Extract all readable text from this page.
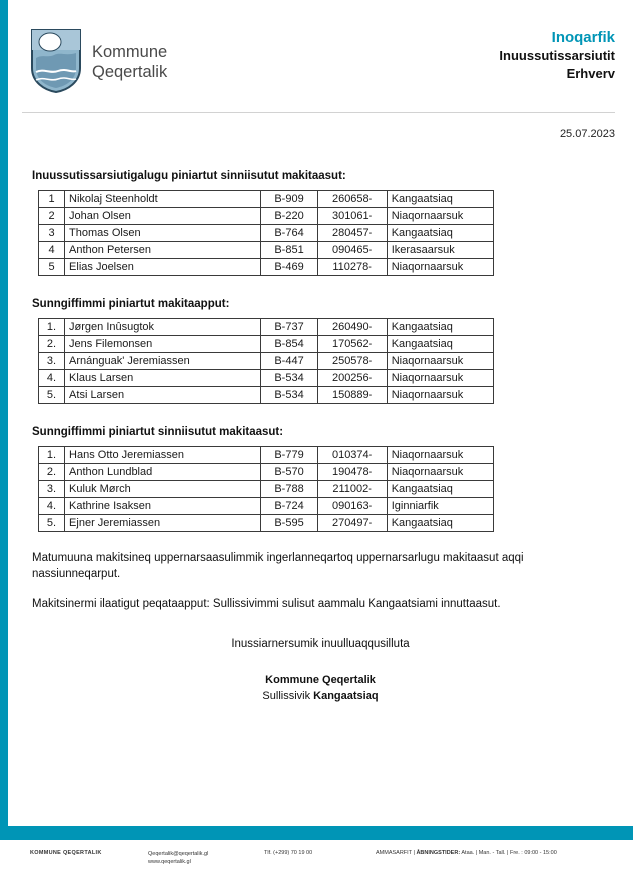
Kommune
Qeqertalik
Inoqarfik
Inuussutissarsiutit
Erhverv
25.07.2023
Inuussutissarsiutigalugu piniartut sinniisutut makitaasut:
1	Nikolaj Steenholdt	B-909	260658-	Kangaatsiaq
2	Johan Olsen	B-220	301061-	Niaqornaarsuk
3	Thomas Olsen	B-764	280457-	Kangaatsiaq
4	Anthon Petersen	B-851	090465-	Ikerasaarsuk
5	Elias Joelsen	B-469	110278-	Niaqornaarsuk
Sunngiffimmi piniartut makitaapput:
1.	Jørgen Inûsugtok	B-737	260490-	Kangaatsiaq
2.	Jens Filemonsen	B-854	170562-	Kangaatsiaq
3.	Arnánguak' Jeremiassen	B-447	250578-	Niaqornaarsuk
4.	Klaus Larsen	B-534	200256-	Niaqornaarsuk
5.	Atsi Larsen	B-534	150889-	Niaqornaarsuk
Sunngiffimmi piniartut sinniisutut makitaasut:
1.	Hans Otto Jeremiassen	B-779	010374-	Niaqornaarsuk
2.	Anthon Lundblad	B-570	190478-	Niaqornaarsuk
3.	Kuluk Mørch	B-788	211002-	Kangaatsiaq
4.	Kathrine Isaksen	B-724	090163-	Iginniarfik
5.	Ejner Jeremiassen	B-595	270497-	Kangaatsiaq

Matumuuna makitsineq uppernarsaasulimmik ingerlanneqartoq uppernarsarlugu makitaasut aqqi nassiunneqarput.

Makitsinermi ilaatigut peqataapput: Sullissivimmi sulisut aammalu Kangaatsiami innuttaasut.

Inussiarnersumik inuulluaqqusilluta
Kommune Qeqertalik
Sullissivik Kangaatsiaq
KOMMUNE QEQERTALIK	Qeqertalik@qeqertalik.gl
www.qeqertalik.gl
Tlf. (+299) 70 19 00	AMMASARFIT | ÅBNINGSTIDER: Ataa. | Man. - Tall. | Fre. : 09:00 - 15:00
